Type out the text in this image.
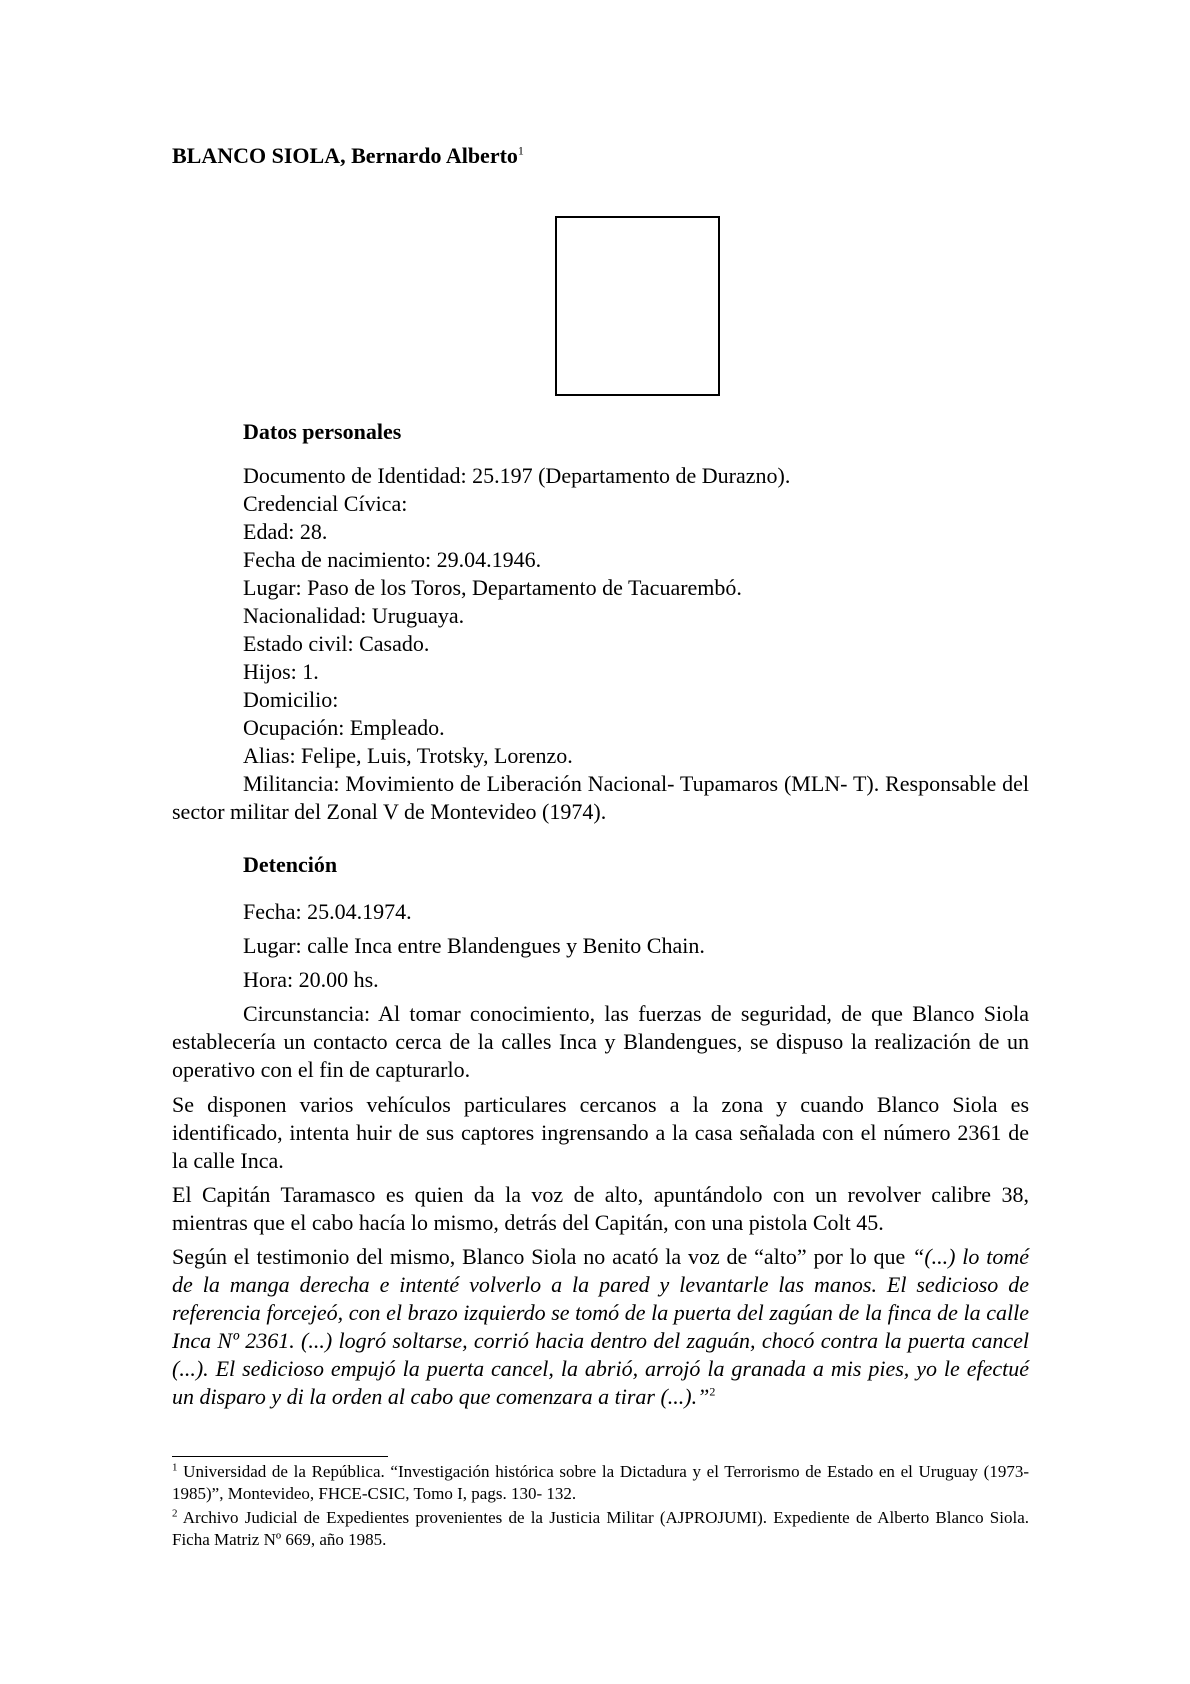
BLANCO SIOLA, Bernardo Alberto$^1$
Datos personales
Documento de Identidad: 25.197 (Departamento de Durazno).
Credencial Cívica:
Edad: 28.
Fecha de nacimiento: 29.04.1946.
Lugar: Paso de los Toros, Departamento de Tacuarembó.
Nacionalidad: Uruguaya.
Estado civil: Casado.
Hijos: 1.
Domicilio:
Ocupación: Empleado.
Alias: Felipe, Luis, Trotsky, Lorenzo.
Militancia: Movimiento de Liberación Nacional- Tupamaros (MLN- T). Responsable del sector militar del Zonal V de Montevideo (1974).
Detención
Fecha: 25.04.1974.
Lugar: calle Inca entre Blandengues y Benito Chain.
Hora: 20.00 hs.
Circunstancia: Al tomar conocimiento, las fuerzas de seguridad, de que Blanco Siola establecería un contacto cerca de la calles Inca y Blandengues, se dispuso la realización de un operativo con el fin de capturarlo.
Se disponen varios vehículos particulares cercanos a la zona y cuando Blanco Siola es identificado, intenta huir de sus captores ingrensando a la casa señalada con el número 2361 de la calle Inca.
El Capitán Taramasco es quien da la voz de alto, apuntándolo con un revolver calibre 38, mientras que el cabo hacía lo mismo, detrás del Capitán, con una pistola Colt 45.
Según el testimonio del mismo, Blanco Siola no acató la voz de “alto” por lo que “(...) lo tomé de la manga derecha e intenté volverlo a la pared y levantarle las manos. El sedicioso de referencia forcejeó, con el brazo izquierdo se tomó de la puerta del zagúan de la finca de la calle Inca Nº 2361. (...) logró soltarse, corrió hacia dentro del zaguán, chocó contra la puerta cancel (...). El sedicioso empujó la puerta cancel, la abrió, arrojó la granada a mis pies, yo le efectué un disparo y di la orden al cabo que comenzara a tirar (...).”$^2$
$^1$ Universidad de la República. “Investigación histórica sobre la Dictadura y el Terrorismo de Estado en el Uruguay (1973-1985)”, Montevideo, FHCE-CSIC, Tomo I, pags. 130- 132.
$^2$ Archivo Judicial de Expedientes provenientes de la Justicia Militar (AJPROJUMI). Expediente de Alberto Blanco Siola. Ficha Matriz Nº 669, año 1985.
